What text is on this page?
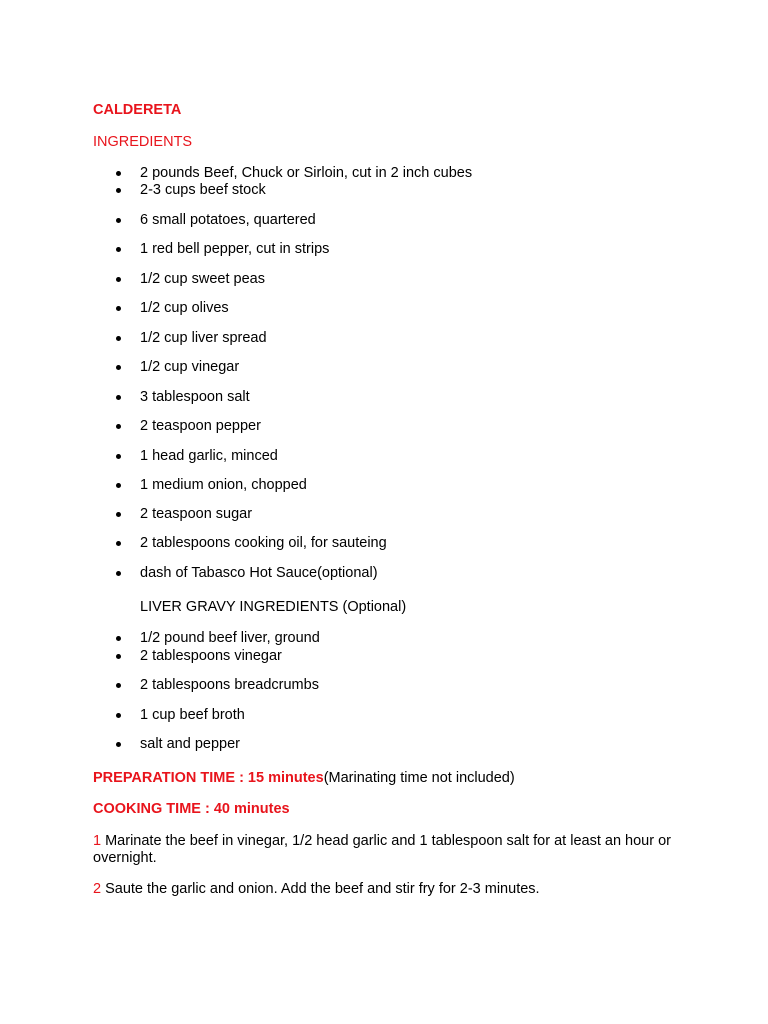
CALDERETA
INGREDIENTS
2 pounds Beef, Chuck or Sirloin, cut in 2 inch cubes
2-3 cups beef stock
6 small potatoes, quartered
1 red bell pepper, cut in strips
1/2 cup sweet peas
1/2 cup olives
1/2 cup liver spread
1/2 cup vinegar
3 tablespoon salt
2 teaspoon pepper
1 head garlic, minced
1 medium onion, chopped
2 teaspoon sugar
2 tablespoons cooking oil, for sauteing
dash of Tabasco Hot Sauce(optional)
LIVER GRAVY INGREDIENTS (Optional)
1/2 pound beef liver, ground
2 tablespoons vinegar
2 tablespoons breadcrumbs
1 cup beef broth
salt and pepper
PREPARATION TIME : 15 minutes(Marinating time not included)
COOKING TIME : 40 minutes
1 Marinate the beef in vinegar, 1/2 head garlic and 1 tablespoon salt for at least an hour or overnight.
2 Saute the garlic and onion. Add the beef and stir fry for 2-3 minutes.
